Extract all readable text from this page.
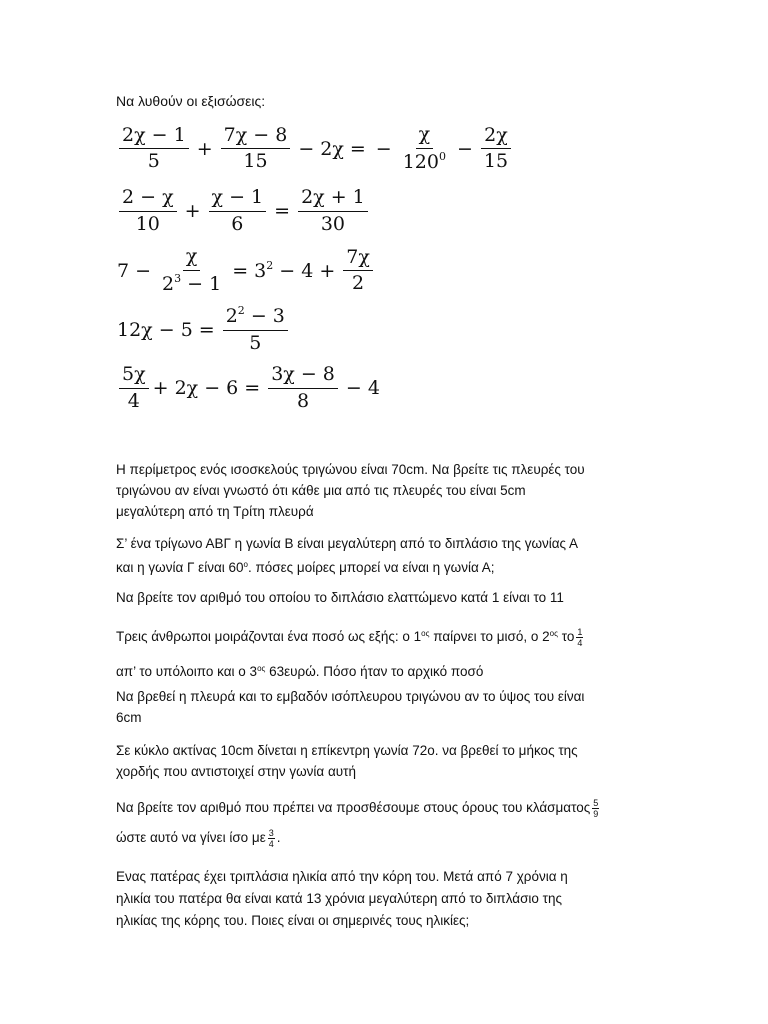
Να λυθούν οι εξισώσεις:
$\frac{2\chi - 1}{5} + \frac{7\chi - 8}{15} - 2\chi$ = − $\frac{\chi}{120^0} - \frac{2\chi}{15}$
$\frac{2 - \chi}{10} + \frac{\chi - 1}{6} = \frac{2\chi + 1}{30}$
$7 - \frac{\chi}{2^3 - 1} = 3^2 - 4 + \frac{7\chi}{2}$
$12\chi - 5 = \frac{2^2 - 3}{5}$
$\frac{5\chi}{4} + 2\chi - 6 = \frac{3\chi - 8}{8} - 4$
Η περίμετρος ενός ισοσκελούς τριγώνου είναι 70cm. Να βρείτε τις πλευρές του
τριγώνου αν είναι γνωστό ότι κάθε μια από τις πλευρές του είναι 5cm
μεγαλύτερη από τη Τρίτη πλευρά
Σ’ ένα τρίγωνο ΑΒΓ η γωνία Β είναι μεγαλύτερη από το διπλάσιο της γωνίας Α
και η γωνία Γ είναι $60^o$. πόσες μοίρες μπορεί να είναι η γωνία Α;
Να βρείτε τον αριθμό του οποίου το διπλάσιο ελαττώμενο κατά 1 είναι το 11
Τρεις άνθρωποι μοιράζονται ένα ποσό ως εξής: ο $1^{o\varsigma}$ παίρνει το μισό, ο $2^{o\varsigma}$ το $\frac{1}{4}$
απ’ το υπόλοιπο και ο $3^{o\varsigma}$ 63ευρώ. Πόσο ήταν το αρχικό ποσό
Να βρεθεί η πλευρά και το εμβαδόν ισόπλευρου τριγώνου αν το ύψος του είναι
6cm
Σε κύκλο ακτίνας 10cm δίνεται η επίκεντρη γωνία 72ο. να βρεθεί το μήκος της
χορδής που αντιστοιχεί στην γωνία αυτή
Να βρείτε τον αριθμό που πρέπει να προσθέσουμε στους όρους του κλάσματος $\frac{5}{9}$
ώστε αυτό να γίνει ίσο με $\frac{3}{4}$ .
Ενας πατέρας έχει τριπλάσια ηλικία από την κόρη του. Μετά από 7 χρόνια η
ηλικία του πατέρα θα είναι κατά 13 χρόνια μεγαλύτερη από το διπλάσιο της
ηλικίας της κόρης του. Ποιες είναι οι σημερινές τους ηλικίες;
